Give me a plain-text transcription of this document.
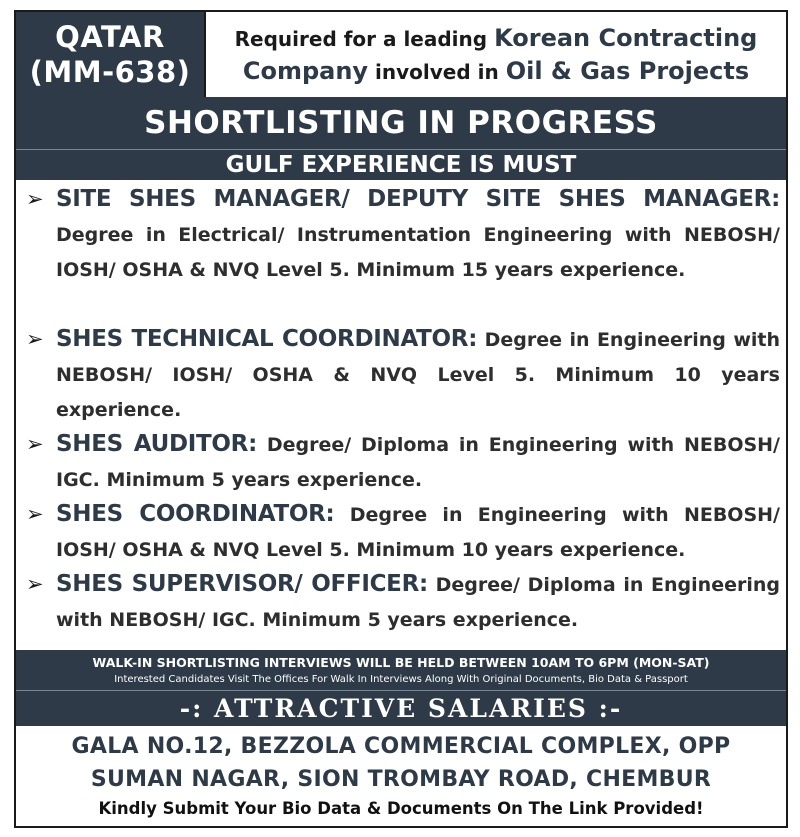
QATAR
(MM-638)
Required for a leading Korean Contracting
Company involved in Oil & Gas Projects
SHORTLISTING IN PROGRESS
GULF EXPERIENCE IS MUST
➢ SITE SHES MANAGER/ DEPUTY SITE SHES MANAGER: Degree in Electrical/ Instrumentation Engineering with NEBOSH/ IOSH/ OSHA & NVQ Level 5. Minimum 15 years experience.
➢ SHES TECHNICAL COORDINATOR: Degree in Engineering with NEBOSH/ IOSH/ OSHA & NVQ Level 5. Minimum 10 years experience.
➢ SHES AUDITOR: Degree/ Diploma in Engineering with NEBOSH/ IGC. Minimum 5 years experience.
➢ SHES COORDINATOR: Degree in Engineering with NEBOSH/ IOSH/ OSHA & NVQ Level 5. Minimum 10 years experience.
➢ SHES SUPERVISOR/ OFFICER: Degree/ Diploma in Engineering with NEBOSH/ IGC. Minimum 5 years experience.
WALK-IN SHORTLISTING INTERVIEWS WILL BE HELD BETWEEN 10AM TO 6PM (MON-SAT)
Interested Candidates Visit The Offices For Walk In Interviews Along With Original Documents, Bio Data & Passport
-: ATTRACTIVE SALARIES :-
GALA NO.12, BEZZOLA COMMERCIAL COMPLEX, OPP
SUMAN NAGAR, SION TROMBAY ROAD, CHEMBUR
Kindly Submit Your Bio Data & Documents On The Link Provided!
